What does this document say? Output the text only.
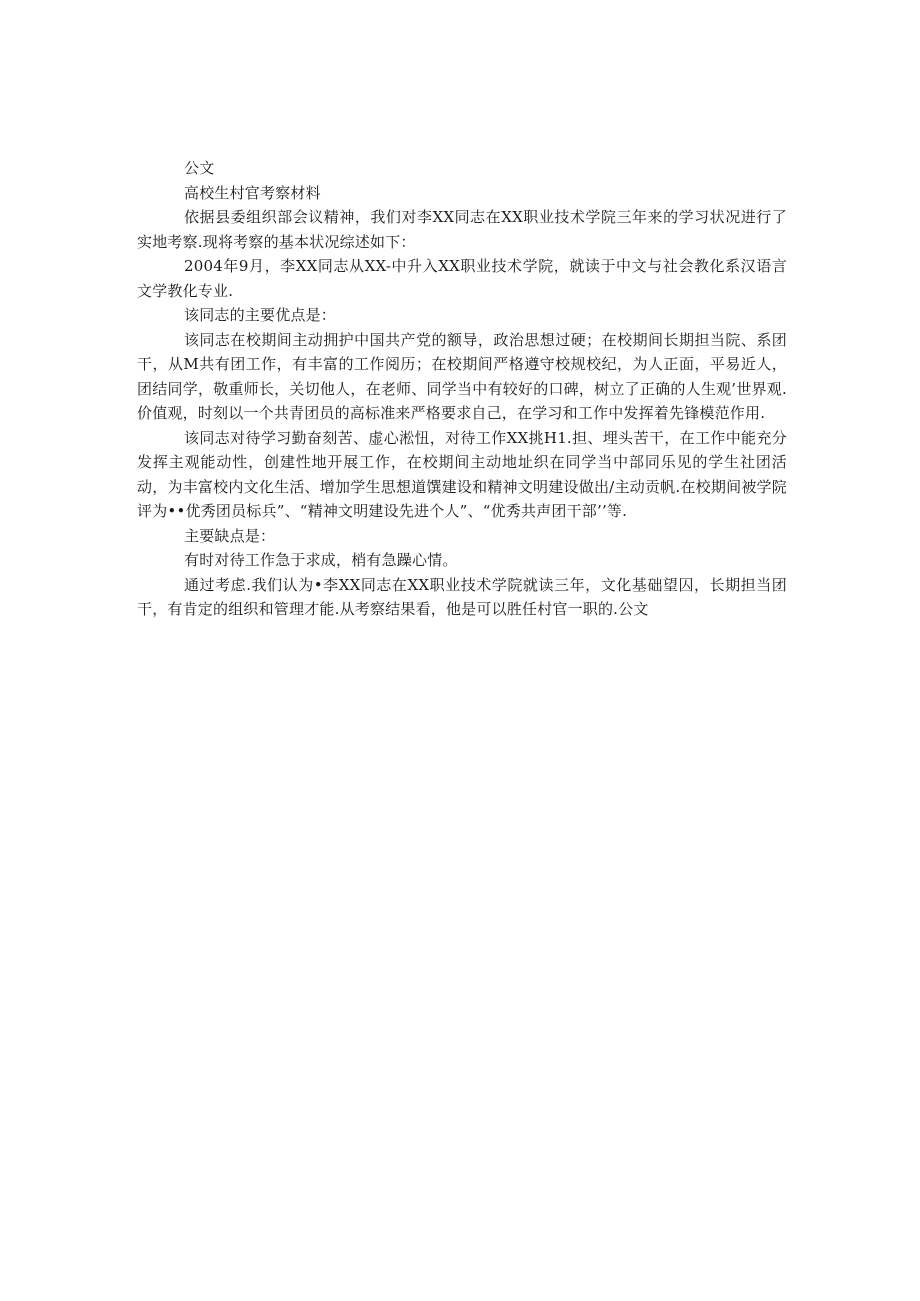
公文

高校生村官考察材料

依据县委组织部会议精神，我们对李XX同志在XX职业技术学院三年来的学习状况进行了实地考察.现将考察的基本状况综述如下：

2004年9月，李XX同志从XX-中升入XX职业技术学院，就读于中文与社会教化系汉语言文学教化专业.

该同志的主要优点是：

该同志在校期间主动拥护中国共产党的额导，政治思想过硬；在校期间长期担当院、系团干，从M共有团工作，有丰富的工作阅历；在校期间严格遵守校规校纪，为人正面，平易近人，团结同学，敬重师长，关切他人，在老师、同学当中有较好的口碑，树立了正确的人生观’世界观.价值观，时刻以一个共青团员的高标准来严格要求自己，在学习和工作中发挥着先锋模范作用.

该同志对待学习勤奋刻苦、虚心淞忸，对待工作XX挑H1.担、埋头苦干，在工作中能充分发挥主观能动性，创建性地开展工作，在校期间主动地址织在同学当中部同乐见的学生社团活动，为丰富校内文化生活、增加学生思想道馔建设和精神文明建设做出/主动贡帆.在校期间被学院评为••优秀团员标兵”、“精神文明建设先进个人”、“优秀共声团干部’’等.

主要缺点是：

有时对待工作急于求成，梢有急躁心情。

通过考虑.我们认为•李XX同志在XX职业技术学院就读三年，文化基础望囚，长期担当团干，有肯定的组织和管理才能.从考察结果看，他是可以胜任村官一职的.公文
